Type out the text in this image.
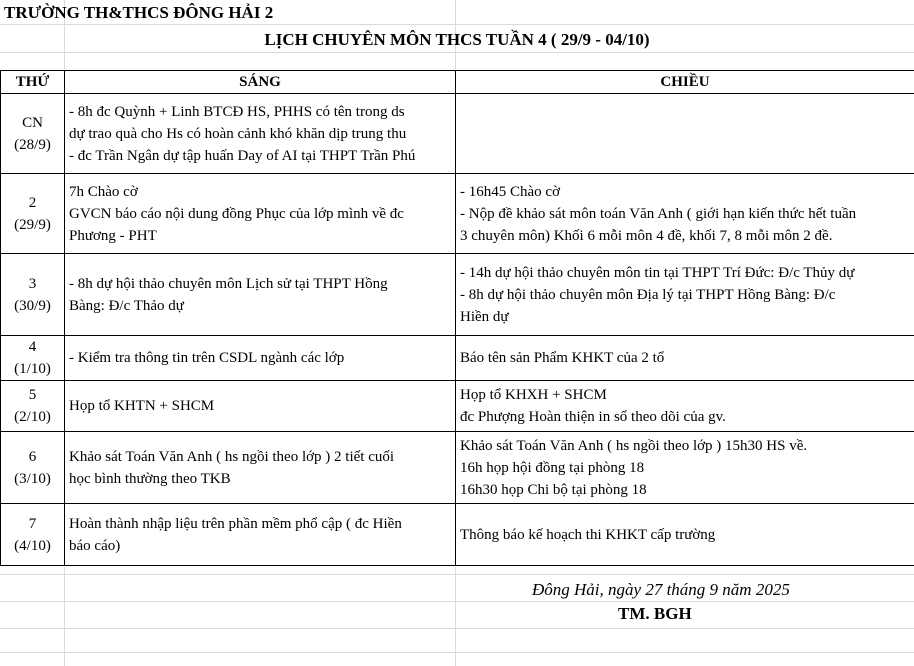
TRƯỜNG TH&THCS ĐÔNG HẢI 2
LỊCH CHUYÊN MÔN THCS TUẦN 4 ( 29/9 - 04/10)
THỨ	SÁNG	CHIỀU

CN
(28/9)	- 8h đc Quỳnh + Linh BTCĐ HS, PHHS có tên trong ds
dự trao quà cho Hs có hoàn cảnh khó khăn dịp trung thu
- đc Trần Ngân dự tập huấn Day of AI tại THPT Trần Phú	

2
(29/9)	7h Chào cờ
GVCN báo cáo nội dung đồng Phục của lớp mình về đc
Phương - PHT	- 16h45 Chào cờ
- Nộp đề khảo sát môn toán Văn Anh ( giới hạn kiến thức hết tuần
3 chuyên môn) Khối 6 mỗi môn 4 đề, khối 7, 8 mỗi môn 2 đề.

3
(30/9)	- 8h dự hội thảo chuyên môn Lịch sử tại THPT Hồng
Bàng: Đ/c Thảo dự	- 14h dự hội thảo chuyên môn tin tại THPT Trí Đức: Đ/c Thủy dự
- 8h dự hội thảo chuyên môn Địa lý tại THPT Hồng Bàng: Đ/c
Hiền dự

4
(1/10)	- Kiểm tra thông tin trên CSDL ngành các lớp	Báo tên sản Phẩm KHKT của 2 tổ

5
(2/10)	Họp tổ KHTN + SHCM	Họp tổ KHXH + SHCM
đc Phượng Hoàn thiện in sổ theo dõi của gv.

6
(3/10)	Khảo sát Toán Văn Anh ( hs ngồi theo lớp ) 2 tiết cuối
học bình thường theo TKB	Khảo sát Toán Văn Anh ( hs ngồi theo lớp ) 15h30 HS về.
16h họp hội đồng tại phòng 18
16h30 họp Chi bộ tại phòng 18

7
(4/10)	Hoàn thành nhập liệu trên phần mềm phổ cập ( đc Hiền
báo cáo)	Thông báo kế hoạch thi KHKT cấp trường
Đông Hải, ngày 27 tháng 9 năm 2025
TM. BGH
